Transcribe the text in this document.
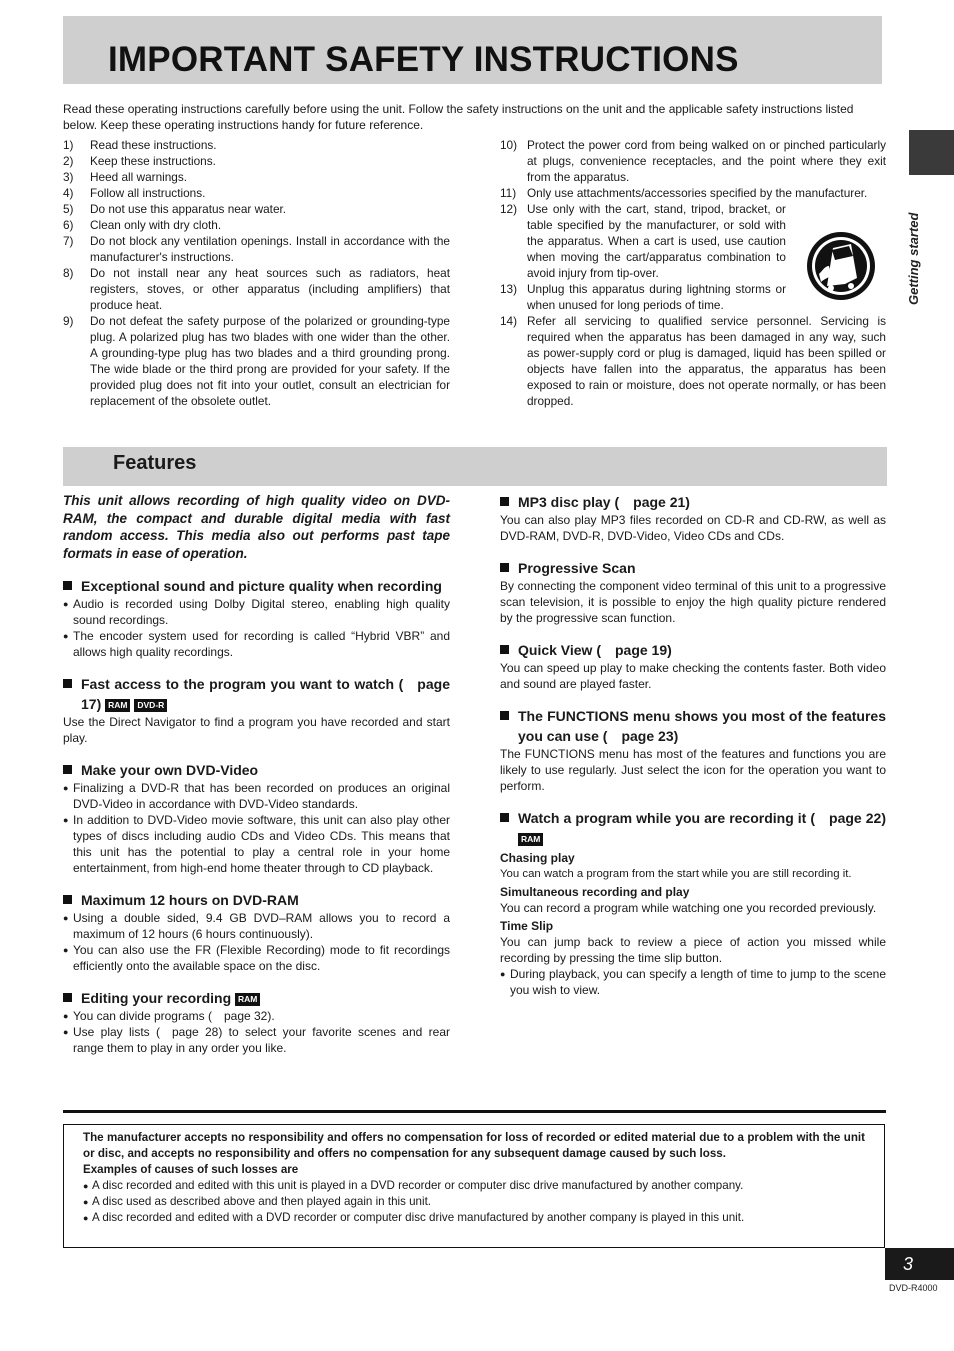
IMPORTANT SAFETY INSTRUCTIONS
Getting started
Read these operating instructions carefully before using the unit. Follow the safety instructions on the unit and the applicable safety instructions listed below. Keep these operating instructions handy for future reference.
1) Read these instructions.
2) Keep these instructions.
3) Heed all warnings.
4) Follow all instructions.
5) Do not use this apparatus near water.
6) Clean only with dry cloth.
7) Do not block any ventilation openings. Install in accordance with the manufacturer's instructions.
8) Do not install near any heat sources such as radiators, heat registers, stoves, or other apparatus (including amplifiers) that produce heat.
9) Do not defeat the safety purpose of the polarized or grounding-type plug. A polarized plug has two blades with one wider than the other. A grounding-type plug has two blades and a third grounding prong. The wide blade or the third prong are provided for your safety. If the provided plug does not fit into your outlet, consult an electrician for replacement of the obsolete outlet.
10) Protect the power cord from being walked on or pinched particularly at plugs, convenience receptacles, and the point where they exit from the apparatus.
11) Only use attachments/accessories specified by the manufacturer.
12) Use only with the cart, stand, tripod, bracket, or table specified by the manufacturer, or sold with the apparatus. When a cart is used, use caution when moving the cart/apparatus combination to avoid injury from tip-over.
13) Unplug this apparatus during lightning storms or when unused for long periods of time.
14) Refer all servicing to qualified service personnel. Servicing is required when the apparatus has been damaged in any way, such as power-supply cord or plug is damaged, liquid has been spilled or objects have fallen into the apparatus, the apparatus has been exposed to rain or moisture, does not operate normally, or has been dropped.
Features

This unit allows recording of high quality video on DVD-RAM, the compact and durable digital media with fast random access. This media also out performs past tape formats in ease of operation.

Exceptional sound and picture quality when recording
● Audio is recorded using Dolby Digital stereo, enabling high quality sound recordings.
● The encoder system used for recording is called “Hybrid VBR” and allows high quality recordings.
Fast access to the program you want to watch ( page 17) RAM DVD-R

Use the Direct Navigator to find a program you have recorded and start play.

Make your own DVD-Video
● Finalizing a DVD-R that has been recorded on produces an original DVD-Video in accordance with DVD-Video standards.
● In addition to DVD-Video movie software, this unit can also play other types of discs including audio CDs and Video CDs. This means that this unit has the potential to play a central role in your home entertainment, from high-end home theater through to CD playback.
Maximum 12 hours on DVD-RAM
● Using a double sided, 9.4 GB DVD–RAM allows you to record a maximum of 12 hours (6 hours continuously).
● You can also use the FR (Flexible Recording) mode to fit recordings efficiently onto the available space on the disc.
Editing your recording RAM
● You can divide programs ( page 32).
● Use play lists ( page 28) to select your favorite scenes and rear range them to play in any order you like.
MP3 disc play ( page 21)

You can also play MP3 files recorded on CD-R and CD-RW, as well as DVD-RAM, DVD-R, DVD-Video, Video CDs and CDs.

Progressive Scan

By connecting the component video terminal of this unit to a progressive scan television, it is possible to enjoy the high quality picture rendered by the progressive scan function.

Quick View ( page 19)

You can speed up play to make checking the contents faster. Both video and sound are played faster.

The FUNCTIONS menu shows you most of the features you can use ( page 23)

The FUNCTIONS menu has most of the features and functions you are likely to use regularly. Just select the icon for the operation you want to perform.

Watch a program while you are recording it ( page 22) RAM
Chasing play

You can watch a program from the start while you are still recording it.

Simultaneous recording and play

You can record a program while watching one you recorded previously.

Time Slip

You can jump back to review a piece of action you missed while recording by pressing the time slip button.

● During playback, you can specify a length of time to jump to the scene you wish to view.

The manufacturer accepts no responsibility and offers no compensation for loss of recorded or edited material due to a problem with the unit or disc, and accepts no responsibility and offers no compensation for any subsequent damage caused by such loss.

Examples of causes of such losses are

● A disc recorded and edited with this unit is played in a DVD recorder or computer disc drive manufactured by another company.
● A disc used as described above and then played again in this unit.
● A disc recorded and edited with a DVD recorder or computer disc drive manufactured by another company is played in this unit.
3
DVD-R4000
